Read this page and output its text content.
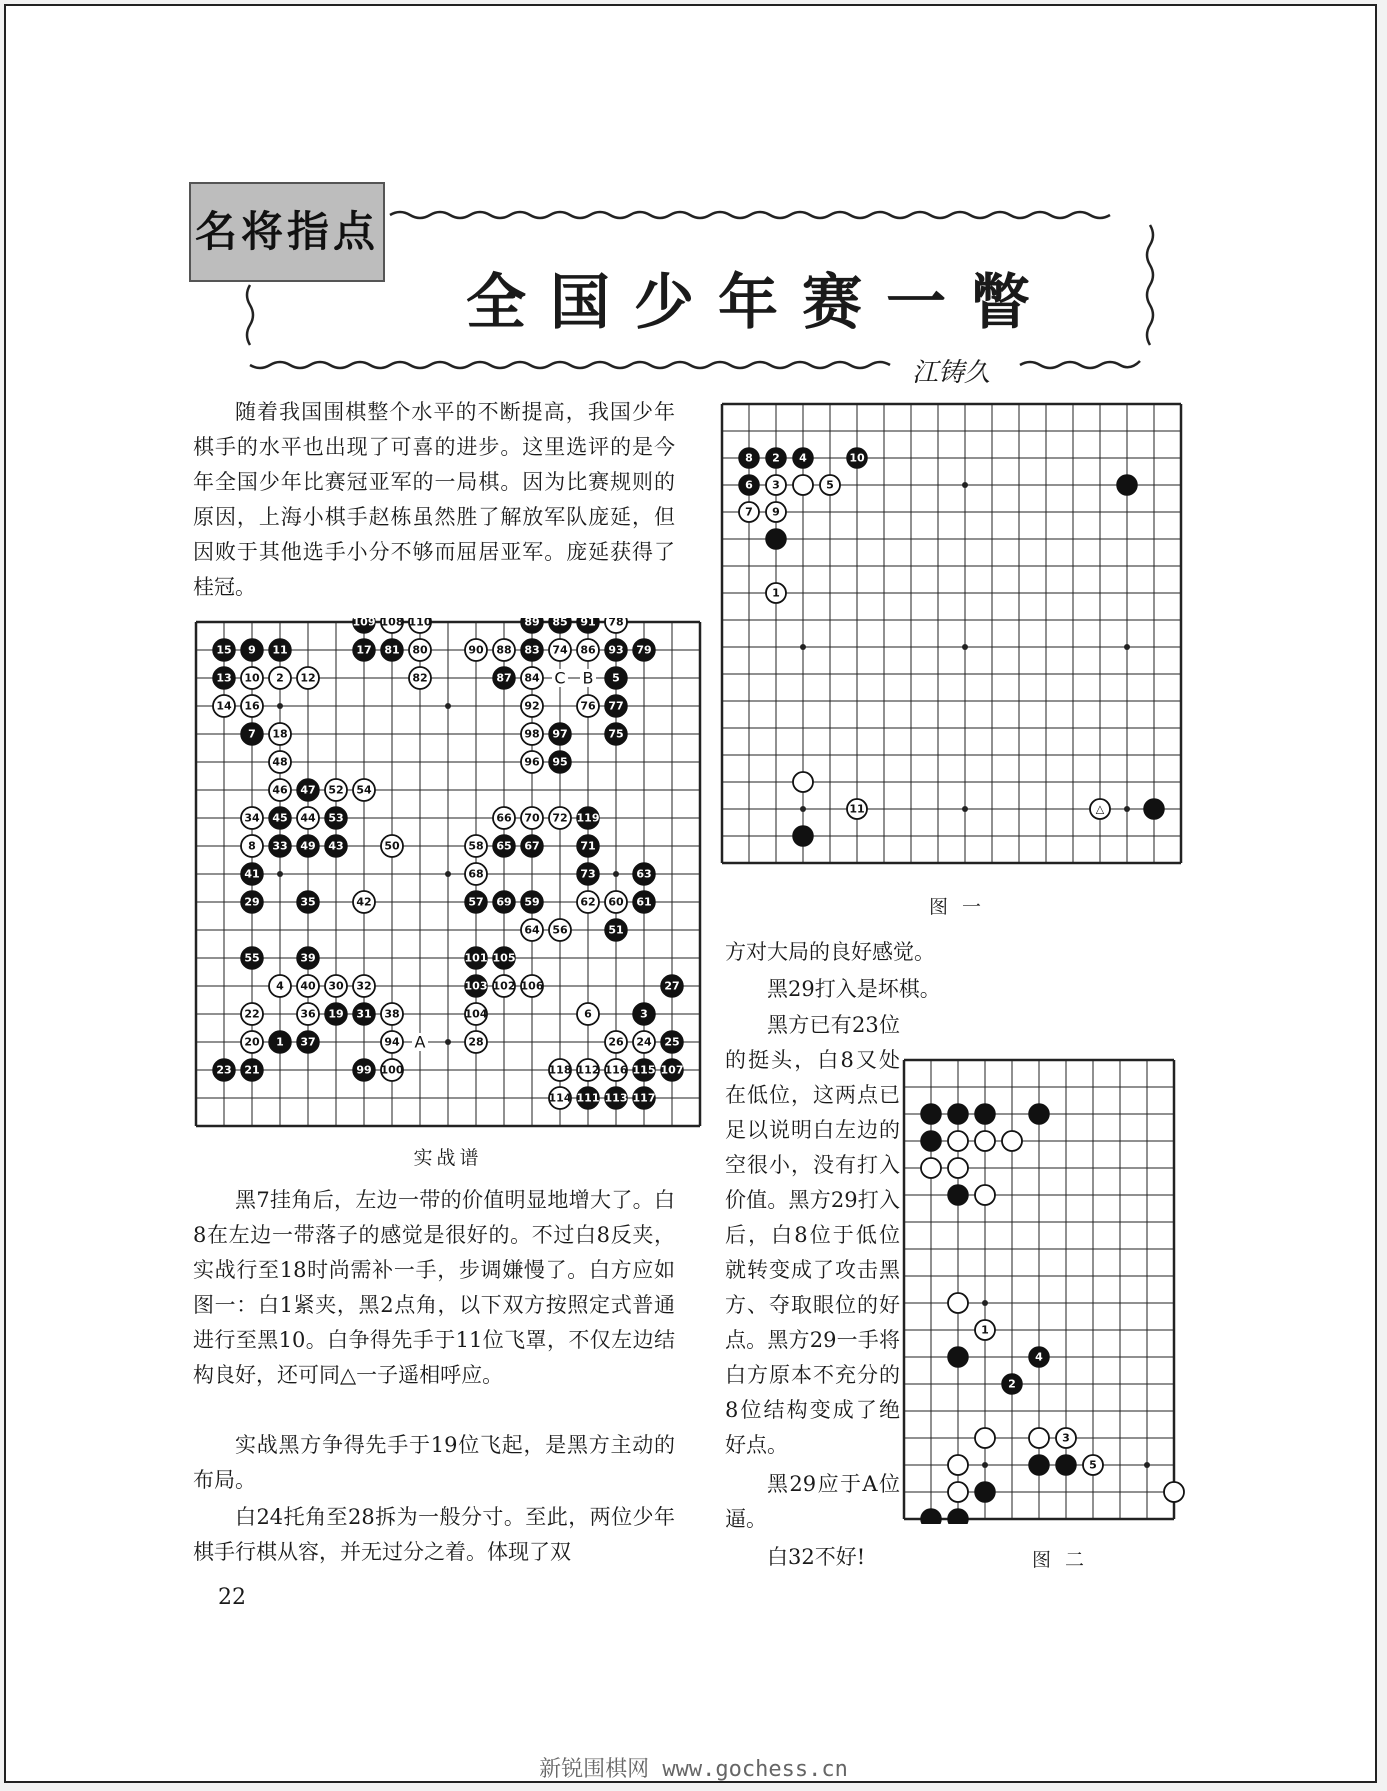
名将指点
全国少年赛一瞥
江铸久
随着我国围棋整个水平的不断提高，我国少年棋手的水平也出现了可喜的进步。这里选评的是今年全国少年比赛冠亚军的一局棋。因为比赛规则的原因，上海小棋手赵栋虽然胜了解放军队庞延，但因败于其他选手小分不够而屈居亚军。庞延获得了桂冠。
109 108 110	89 85 91 78
15 9 11	17 81 80	90 88 83 74 86 93 79
13 10 2 12	82	87 84	5
14 16	92	76 77
7 18	98 97	75
48	96 95
46 47 52 54
34 45 44 53	66 70 72 119
8 33 49 43	50	58 65 67	71
41	68	73	63
29	35	42	57 69 59	62 60 61
64 56	51
55	39	101 105
4 40 30 32	103 102 106	27
22	36 19 31 38	104	6	3
20 1 37	94	28	26 24 25
23 21	99 100	118 112 116 115 107
114 111 113 117
A
B
C
实战谱
黑7挂角后，左边一带的价值明显地增大了。白8在左边一带落子的感觉是很好的。不过白8反夹，实战行至18时尚需补一手，步调嫌慢了。白方应如图一：白1紧夹，黑2点角，以下双方按照定式普通进行至黑10。白争得先手于11位飞罩，不仅左边结构良好，还可同△一子遥相呼应。
实战黑方争得先手于19位飞起，是黑方主动的布局。
白24托角至28拆为一般分寸。至此，两位少年棋手行棋从容，并无过分之着。体现了双
22
8 2 4	10
6 3	5
7 9
1
11	△
图 一
方对大局的良好感觉。
黑29打入是坏棋。
黑方已有23位的挺头，白8又处在低位，这两点已足以说明白左边的空很小，没有打入价值。黑方29打入后，白8位于低位就转变成了攻击黑方、夺取眼位的好点。黑方29一手将白方原本不充分的8位结构变成了绝好点。
黑29应于A位逼。
白32不好!
1
4
2
3
5
图 二
新锐围棋网 www.gochess.cn
